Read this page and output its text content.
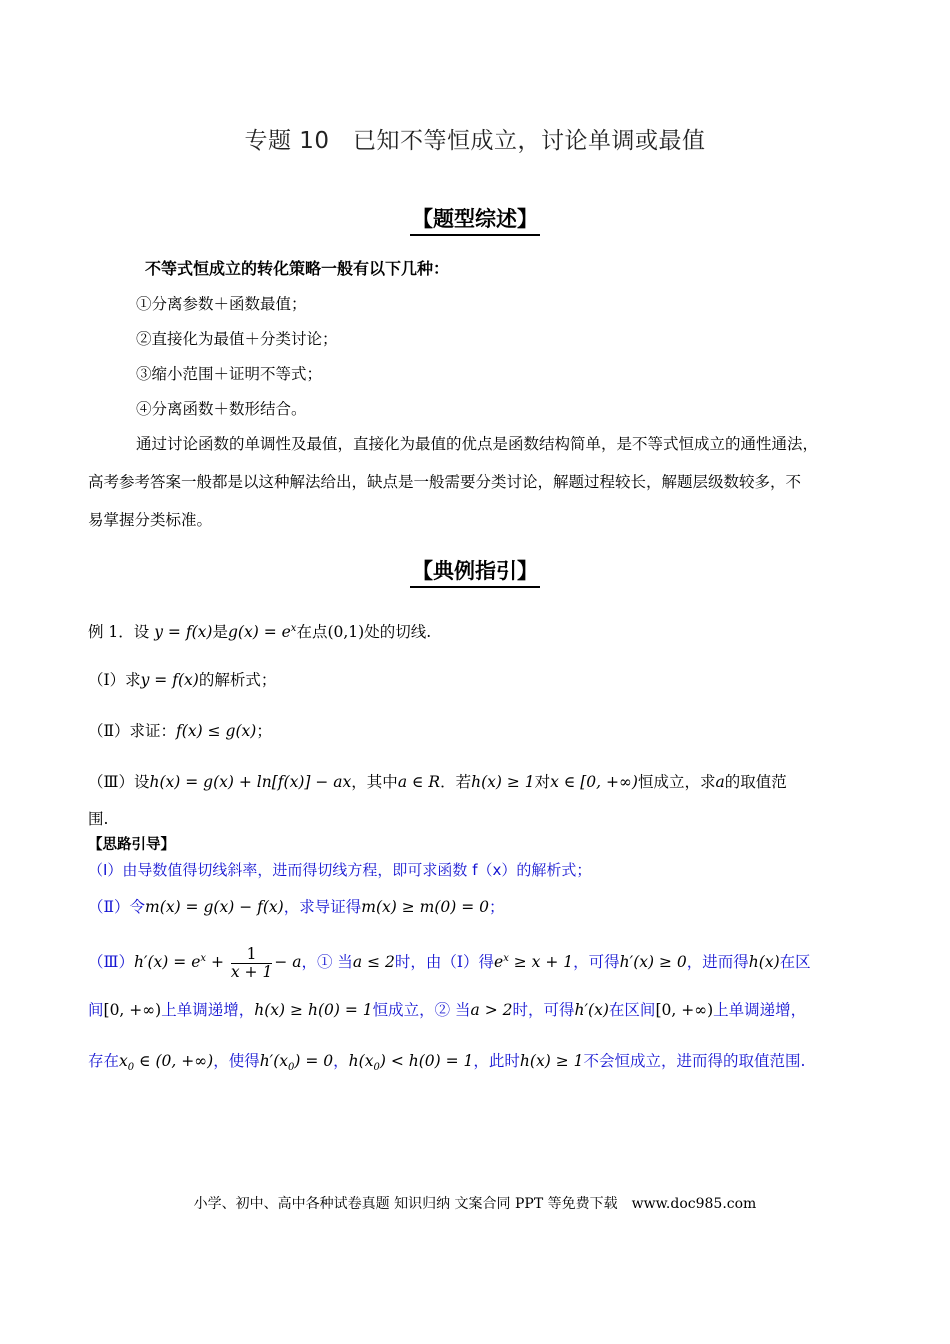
专题 10　已知不等恒成立，讨论单调或最值
【题型综述】
不等式恒成立的转化策略一般有以下几种：
①分离参数＋函数最值；
②直接化为最值＋分类讨论；
③缩小范围＋证明不等式；
④分离函数＋数形结合。
通过讨论函数的单调性及最值，直接化为最值的优点是函数结构简单，是不等式恒成立的通性通法，
高考参考答案一般都是以这种解法给出，缺点是一般需要分类讨论，解题过程较长，解题层级数较多，不
易掌握分类标准。
【典例指引】
例 1．设 y = f(x)是$g(x) = e^x$在点(0,1)处的切线.
（Ⅰ）求y = f(x)的解析式；
（Ⅱ）求证：f(x) ≤ g(x)；
（Ⅲ）设h(x) = g(x) + ln[f(x)] − ax，其中a ∈ R．若h(x) ≥ 1对x ∈ [0, +∞)恒成立，求a的取值范
围.
【思路引导】
（Ⅰ）由导数值得切线斜率，进而得切线方程，即可求函数 f（x）的解析式；
（Ⅱ）令m(x) = g(x) − f(x)，求导证得m(x) ≥ m(0) = 0；
（Ⅲ）h′(x) = $e^x + \frac{1}{x + 1} - a$，① 当a ≤ 2时，由（Ⅰ）得$e^x \ge x + 1$，可得h′(x) ≥ 0，进而得h(x)在区
间[0, +∞)上单调递增，h(x) ≥ h(0) = 1恒成立，② 当a > 2时，可得h′(x)在区间[0, +∞)上单调递增，
存在$x_0$ ∈ (0, +∞)，使得$h'(x_0) = 0$，$h(x_0) < h(0) = 1$，此时h(x) ≥ 1不会恒成立，进而得的取值范围.
小学、初中、高中各种试卷真题 知识归纳 文案合同 PPT 等免费下载　www.doc985.com
